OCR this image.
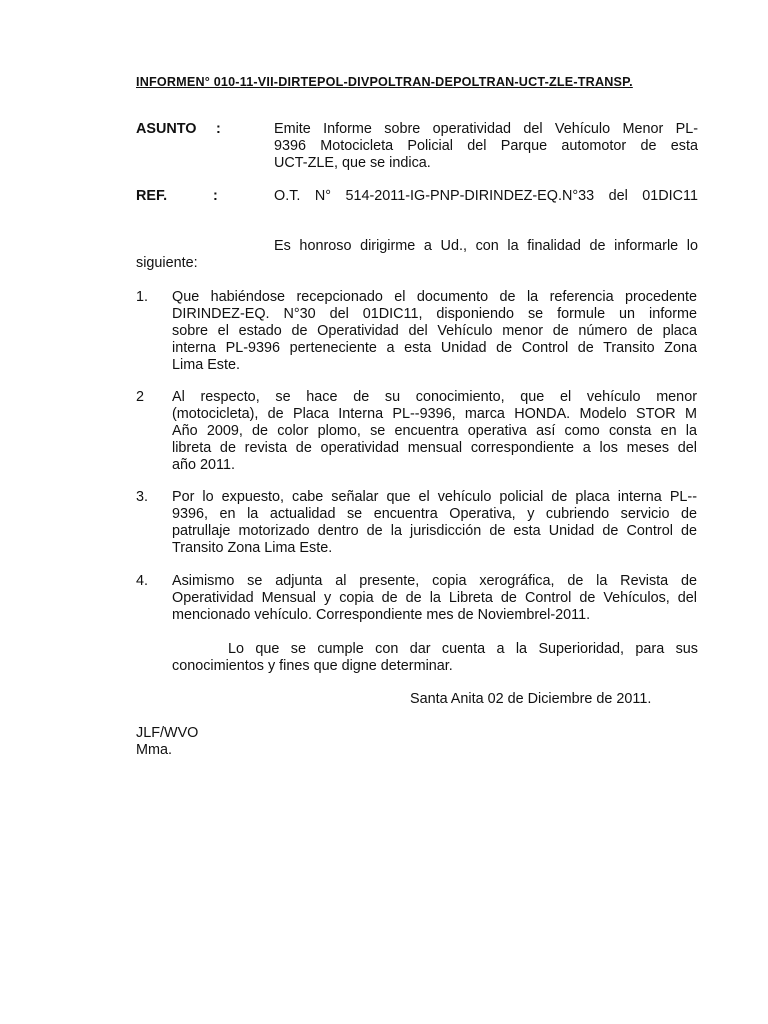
INFORMEN° 010-11-VII-DIRTEPOL-DIVPOLTRAN-DEPOLTRAN-UCT-ZLE-TRANSP.
ASUNTO :	Emite Informe sobre operatividad del Vehículo Menor PL-
9396 Motocicleta Policial del Parque automotor de esta
UCT-ZLE, que se indica.
REF.	:	O.T. N° 514-2011-IG-PNP-DIRINDEZ-EQ.N°33 del 01DIC11
Es honroso dirigirme a Ud., con la finalidad de informarle lo
siguiente:
1.	Que habiéndose recepcionado el documento de la referencia procedente
DIRINDEZ-EQ. N°30 del 01DIC11, disponiendo se formule un informe
sobre el estado de Operatividad del Vehículo menor de número de placa
interna PL-9396 perteneciente a esta Unidad de Control de Transito Zona
Lima Este.
2	Al respecto, se hace de su conocimiento, que el vehículo menor
(motocicleta), de Placa Interna PL--9396, marca HONDA. Modelo STOR M
Año 2009, de color plomo, se encuentra operativa así como consta en la
libreta de revista de operatividad mensual correspondiente a los meses del
año 2011.
3.	Por lo expuesto, cabe señalar que el vehículo policial de placa interna PL--
9396, en la actualidad se encuentra Operativa, y cubriendo servicio de
patrullaje motorizado dentro de la jurisdicción de esta Unidad de Control de
Transito Zona Lima Este.
4.	Asimismo se adjunta al presente, copia xerográfica, de la Revista de
Operatividad Mensual y copia de de la Libreta de Control de Vehículos, del
mencionado vehículo. Correspondiente mes de Noviembrel-2011.
Lo que se cumple con dar cuenta a la Superioridad, para sus
conocimientos y fines que digne determinar.
Santa Anita 02 de Diciembre de 2011.
JLF/WVO
Mma.
